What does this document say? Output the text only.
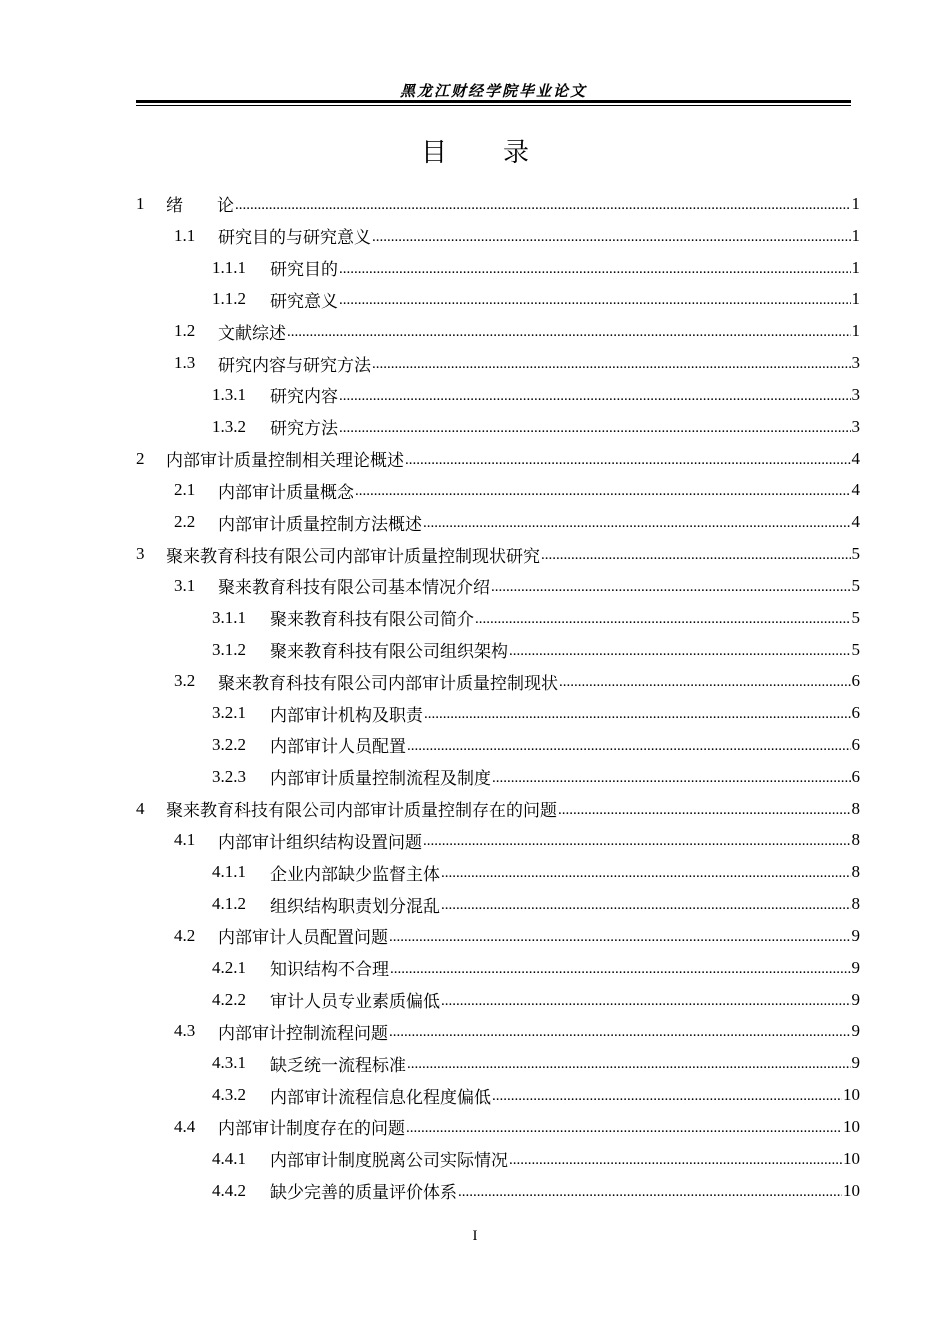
黑龙江财经学院毕业论文
目 录
1	绪　　论 .....	1
1.1	研究目的与研究意义 .....	1
1.1.1	研究目的 .....	1
1.1.2	研究意义 .....	1
1.2	文献综述 .....	1
1.3	研究内容与研究方法 .....	3
1.3.1	研究内容 .....	3
1.3.2	研究方法 .....	3
2	内部审计质量控制相关理论概述 .....	4
2.1	内部审计质量概念 .....	4
2.2	内部审计质量控制方法概述 .....	4
3	聚来教育科技有限公司内部审计质量控制现状研究 .....	5
3.1	聚来教育科技有限公司基本情况介绍 .....	5
3.1.1	聚来教育科技有限公司简介 .....	5
3.1.2	聚来教育科技有限公司组织架构 .....	5
3.2	聚来教育科技有限公司内部审计质量控制现状 .....	6
3.2.1	内部审计机构及职责 .....	6
3.2.2	内部审计人员配置 .....	6
3.2.3	内部审计质量控制流程及制度 .....	6
4	聚来教育科技有限公司内部审计质量控制存在的问题 .....	8
4.1	内部审计组织结构设置问题 .....	8
4.1.1	企业内部缺少监督主体 .....	8
4.1.2	组织结构职责划分混乱 .....	8
4.2	内部审计人员配置问题 .....	9
4.2.1	知识结构不合理 .....	9
4.2.2	审计人员专业素质偏低 .....	9
4.3	内部审计控制流程问题 .....	9
4.3.1	缺乏统一流程标准 .....	9
4.3.2	内部审计流程信息化程度偏低 .....	10
4.4	内部审计制度存在的问题 .....	10
4.4.1	内部审计制度脱离公司实际情况 .....	10
4.4.2	缺少完善的质量评价体系 .....	10
I
